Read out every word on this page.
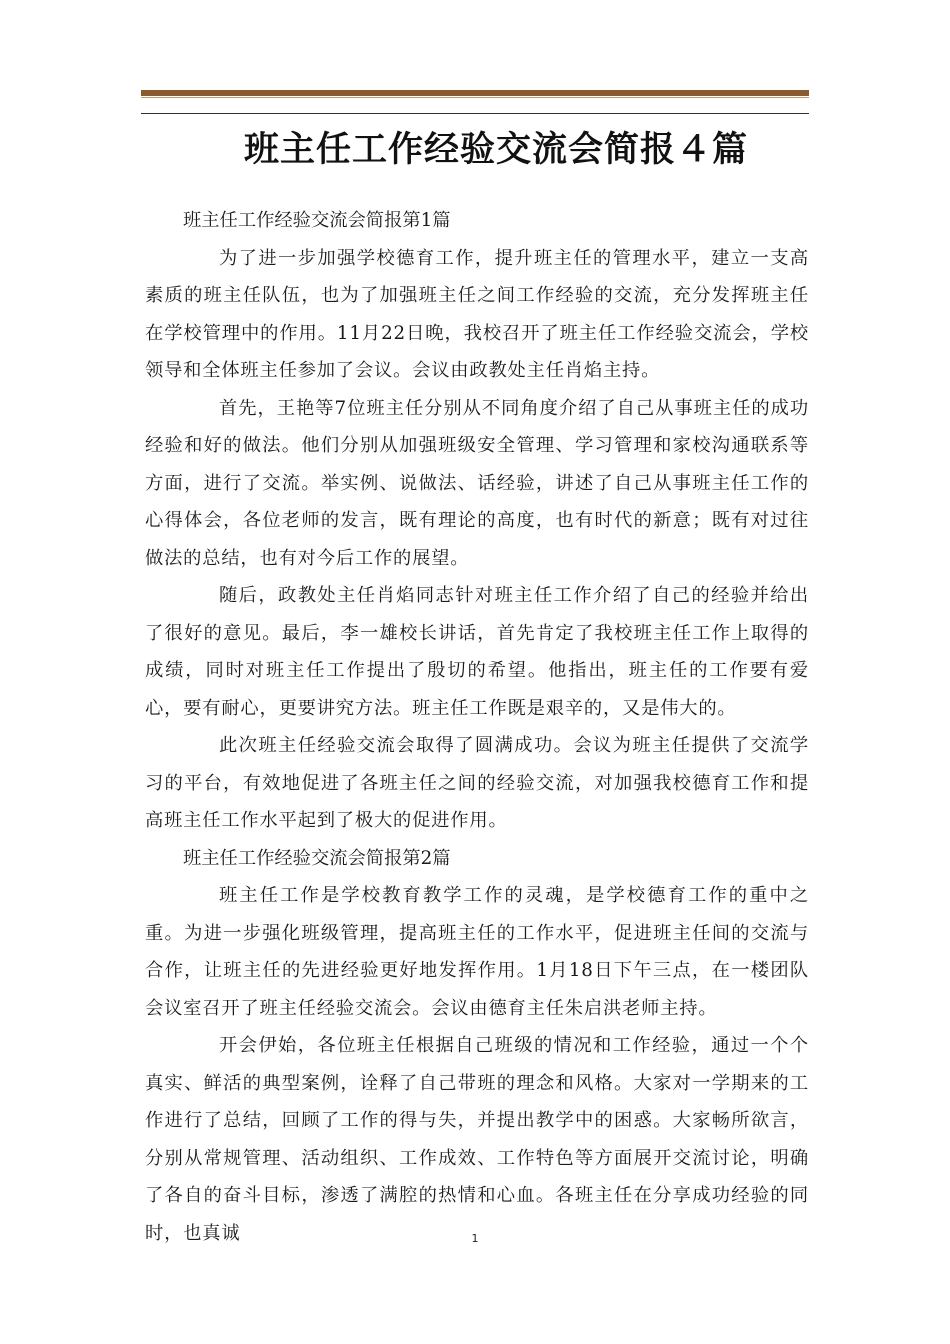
班主任工作经验交流会简报４篇

班主任工作经验交流会简报第1篇

为了进一步加强学校德育工作，提升班主任的管理水平，建立一支高素质的班主任队伍，也为了加强班主任之间工作经验的交流，充分发挥班主任在学校管理中的作用。11月22日晚，我校召开了班主任工作经验交流会，学校领导和全体班主任参加了会议。会议由政教处主任肖焰主持。

首先，王艳等7位班主任分别从不同角度介绍了自己从事班主任的成功经验和好的做法。他们分别从加强班级安全管理、学习管理和家校沟通联系等方面，进行了交流。举实例、说做法、话经验，讲述了自己从事班主任工作的心得体会，各位老师的发言，既有理论的高度，也有时代的新意；既有对过往做法的总结，也有对今后工作的展望。

随后，政教处主任肖焰同志针对班主任工作介绍了自己的经验并给出了很好的意见。最后，李一雄校长讲话，首先肯定了我校班主任工作上取得的成绩，同时对班主任工作提出了殷切的希望。他指出，班主任的工作要有爱心，要有耐心，更要讲究方法。班主任工作既是艰辛的，又是伟大的。

此次班主任经验交流会取得了圆满成功。会议为班主任提供了交流学习的平台，有效地促进了各班主任之间的经验交流，对加强我校德育工作和提高班主任工作水平起到了极大的促进作用。

班主任工作经验交流会简报第2篇

班主任工作是学校教育教学工作的灵魂，是学校德育工作的重中之重。为进一步强化班级管理，提高班主任的工作水平，促进班主任间的交流与合作，让班主任的先进经验更好地发挥作用。1月18日下午三点，在一楼团队会议室召开了班主任经验交流会。会议由德育主任朱启洪老师主持。

开会伊始，各位班主任根据自己班级的情况和工作经验，通过一个个真实、鲜活的典型案例，诠释了自己带班的理念和风格。大家对一学期来的工作进行了总结，回顾了工作的得与失，并提出教学中的困惑。大家畅所欲言，分别从常规管理、活动组织、工作成效、工作特色等方面展开交流讨论，明确了各自的奋斗目标，渗透了满腔的热情和心血。各班主任在分享成功经验的同时，也真诚	1
